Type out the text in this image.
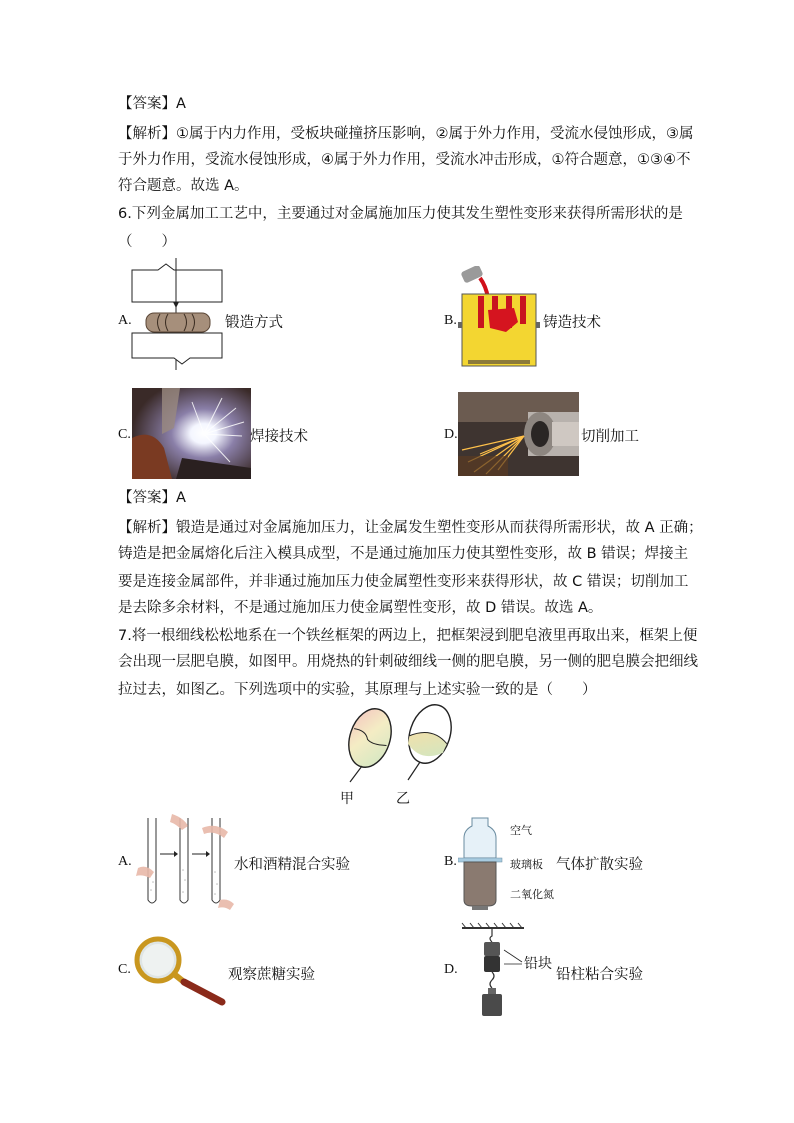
【答案】A
【解析】①属于内力作用，受板块碰撞挤压影响，②属于外力作用，受流水侵蚀形成，③属
于外力作用，受流水侵蚀形成，④属于外力作用，受流水冲击形成，①符合题意，①③④不
符合题意。故选 A。
6.下列金属加工工艺中，主要通过对金属施加压力使其发生塑性变形来获得所需形状的是
（　　）
A.	锻造方式	B.	铸造技术
C.	焊接技术	D.	切削加工
【答案】A
【解析】锻造是通过对金属施加压力，让金属发生塑性变形从而获得所需形状，故 A 正确；
铸造是把金属熔化后注入模具成型，不是通过施加压力使其塑性变形，故 B 错误；焊接主
要是连接金属部件，并非通过施加压力使金属塑性变形来获得形状，故 C 错误；切削加工
是去除多余材料，不是通过施加压力使金属塑性变形，故 D 错误。故选 A。
7.将一根细线松松地系在一个铁丝框架的两边上，把框架浸到肥皂液里再取出来，框架上便
会出现一层肥皂膜，如图甲。用烧热的针刺破细线一侧的肥皂膜，另一侧的肥皂膜会把细线
拉过去，如图乙。下列选项中的实验，其原理与上述实验一致的是（　　）
甲	乙
A.	水和酒精混合实验	B.
空气
玻璃板
二氧化氮
气体扩散实验
C.	观察蔗糖实验	D.	铅块
铅柱粘合实验
